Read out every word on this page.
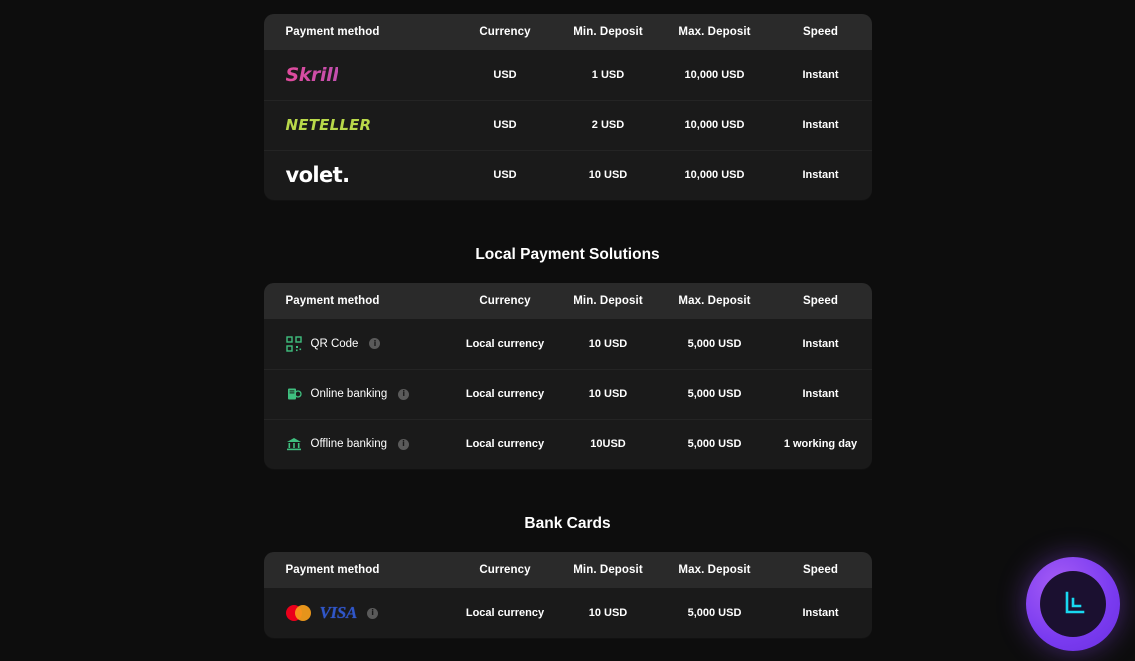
Payment method	Currency	Min. Deposit	Max. Deposit	Speed
Skrill	USD	1 USD	10,000 USD	Instant
NETELLER	USD	2 USD	10,000 USD	Instant
volet.	USD	10 USD	10,000 USD	Instant
Local Payment Solutions
Payment method	Currency	Min. Deposit	Max. Deposit	Speed

QR Code i	Local currency	10 USD	5,000 USD	Instant

Online banking i	Local currency	10 USD	5,000 USD	Instant

Offline banking i	Local currency	10USD	5,000 USD	1 working day
Bank Cards
Payment method	Currency	Min. Deposit	Max. Deposit	Speed

VISA i	Local currency	10 USD	5,000 USD	Instant
